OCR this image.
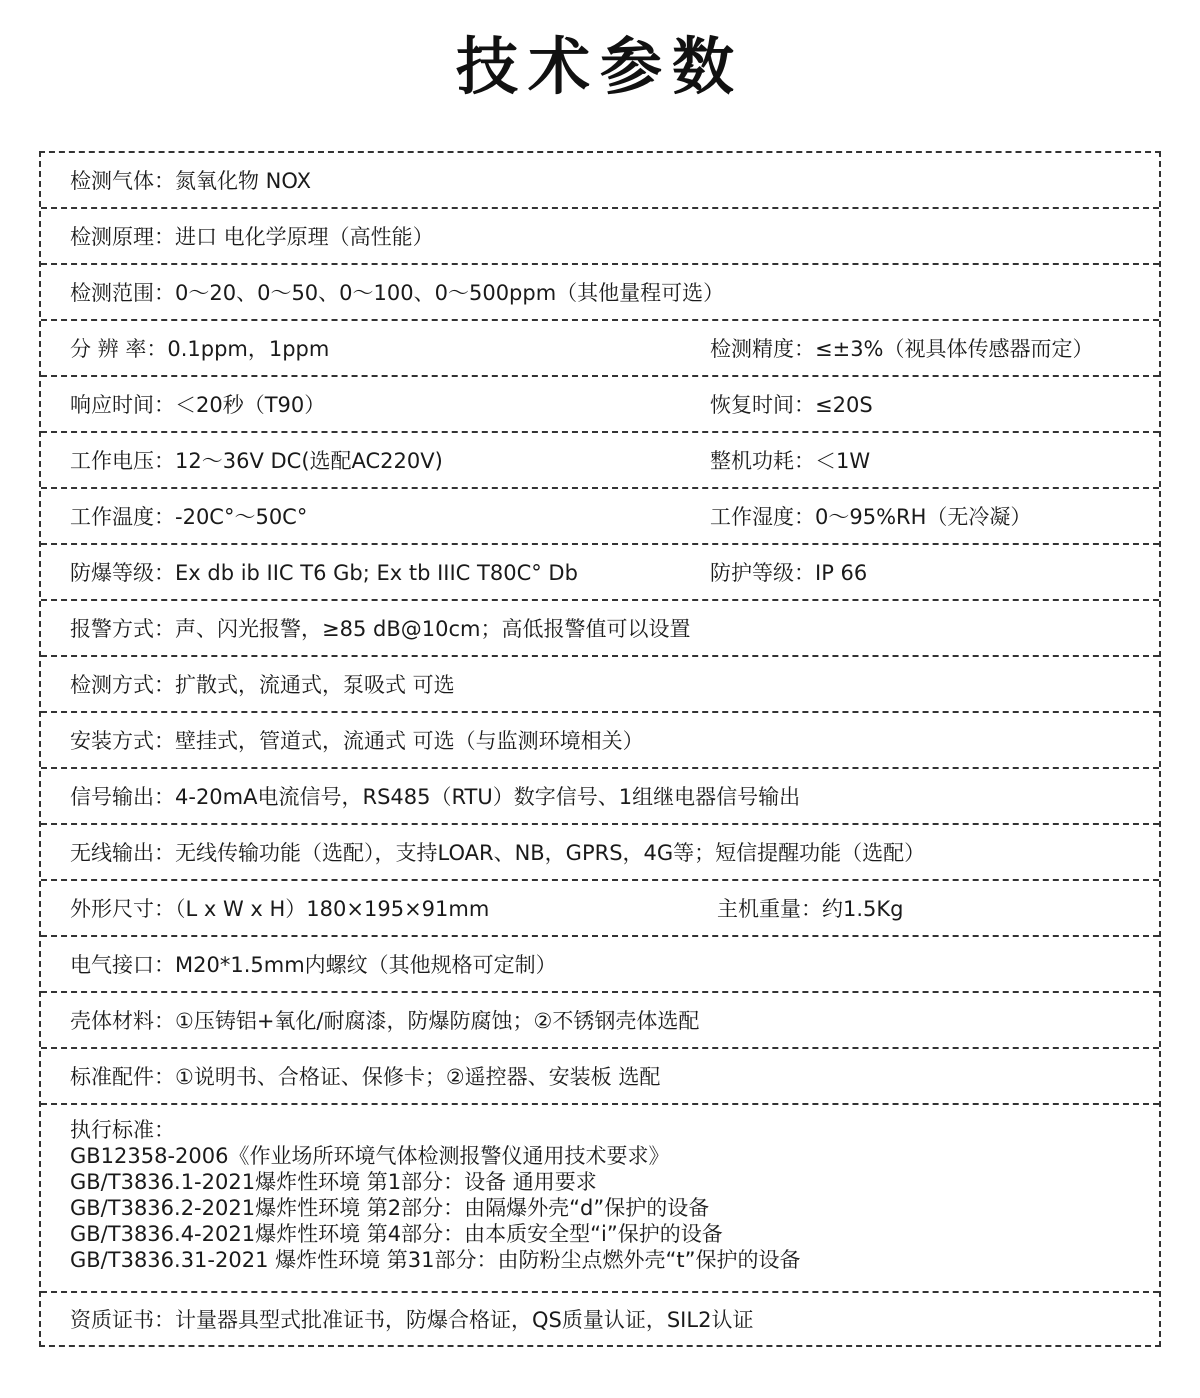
技术参数
检测气体：氮氧化物 NOX
检测原理：进口 电化学原理（高性能）
检测范围：0～20、0～50、0～100、0～500ppm（其他量程可选）
分 辨 率：0.1ppm，1ppm	检测精度：≤±3%（视具体传感器而定）
响应时间：＜20秒（T90）	恢复时间：≤20S
工作电压：12～36V DC(选配AC220V)	整机功耗：＜1W
工作温度：-20C°～50C°	工作湿度：0～95%RH（无冷凝）
防爆等级：Ex db ib IIC T6 Gb; Ex tb IIIC T80C° Db	防护等级：IP 66
报警方式：声、闪光报警，≥85 dB@10cm；高低报警值可以设置
检测方式：扩散式，流通式，泵吸式 可选
安装方式：壁挂式，管道式，流通式 可选（与监测环境相关）
信号输出：4-20mA电流信号，RS485（RTU）数字信号、1组继电器信号输出
无线输出：无线传输功能（选配），支持LOAR、NB，GPRS，4G等；短信提醒功能（选配）
外形尺寸：（L x W x H）180×195×91mm	主机重量：约1.5Kg
电气接口：M20*1.5mm内螺纹（其他规格可定制）
壳体材料：①压铸铝+氧化/耐腐漆，防爆防腐蚀；②不锈钢壳体选配
标准配件：①说明书、合格证、保修卡；②遥控器、安装板 选配
执行标准：
GB12358-2006《作业场所环境气体检测报警仪通用技术要求》
GB/T3836.1-2021爆炸性环境 第1部分：设备 通用要求
GB/T3836.2-2021爆炸性环境 第2部分：由隔爆外壳“d”保护的设备
GB/T3836.4-2021爆炸性环境 第4部分：由本质安全型“i”保护的设备
GB/T3836.31-2021 爆炸性环境 第31部分：由防粉尘点燃外壳“t”保护的设备
资质证书：计量器具型式批准证书，防爆合格证，QS质量认证，SIL2认证
